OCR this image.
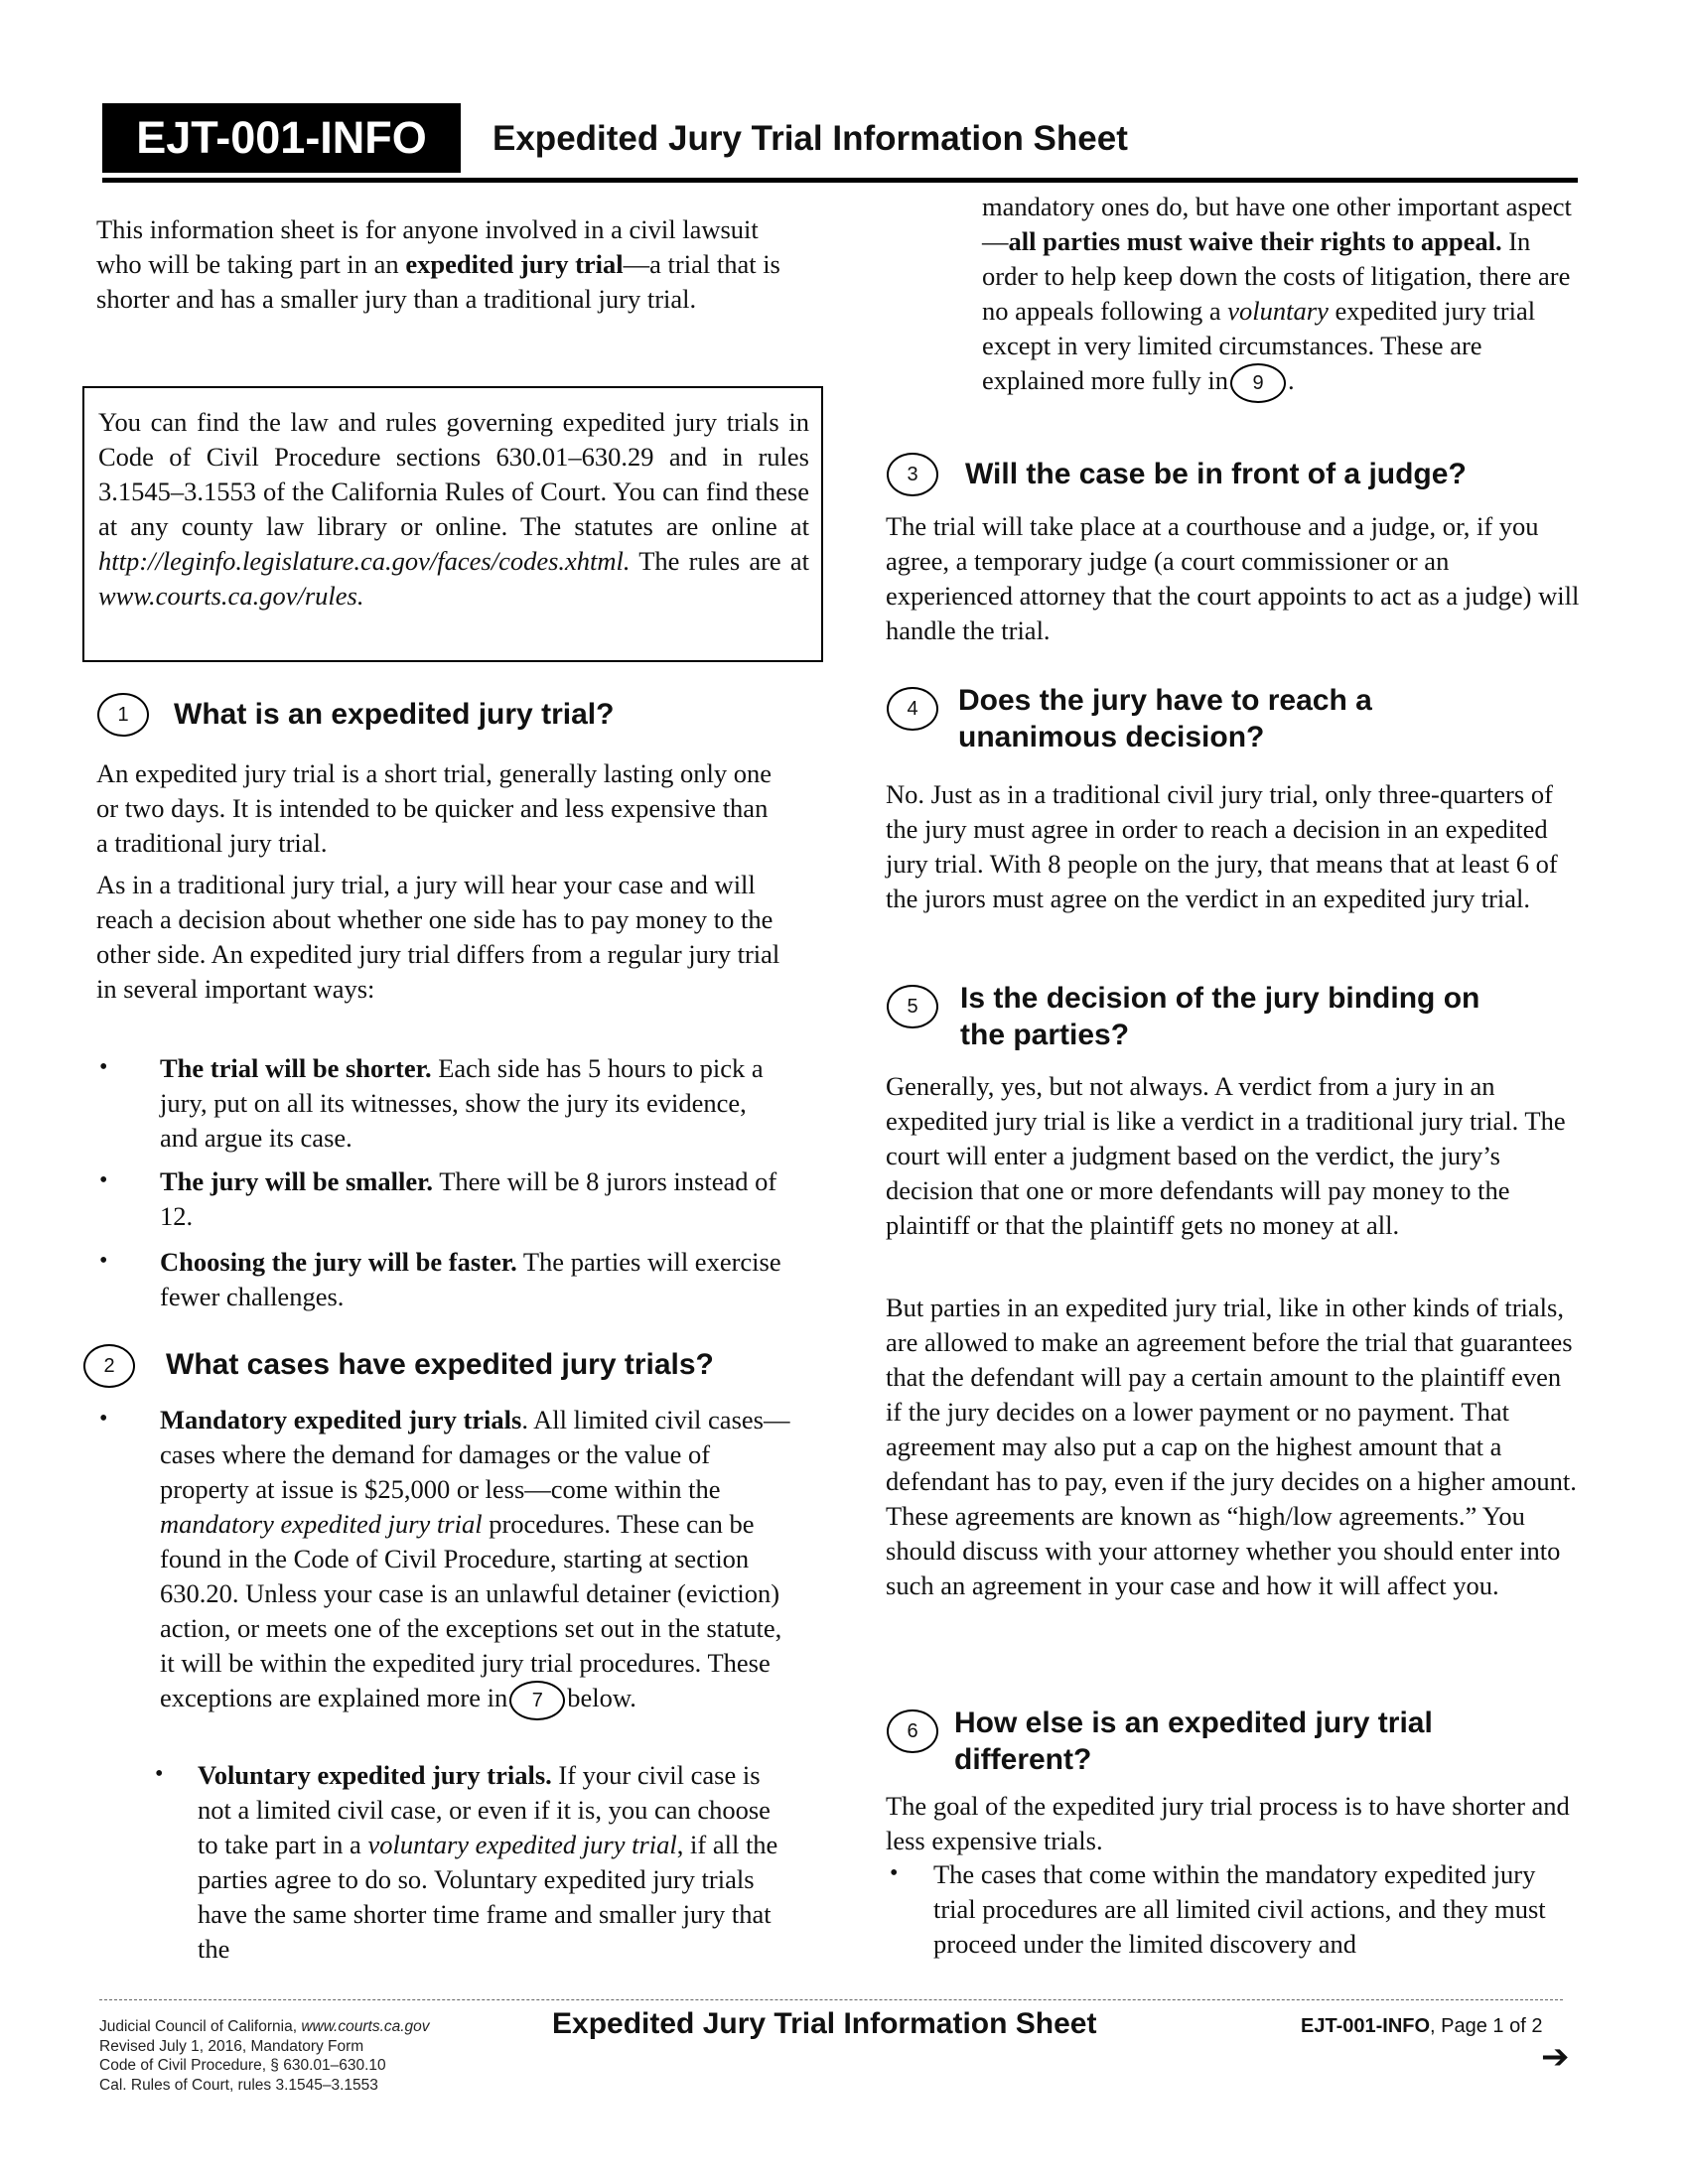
EJT-001-INFO	Expedited Jury Trial Information Sheet
This information sheet is for anyone involved in a civil lawsuit who will be taking part in an expedited jury trial—a trial that is shorter and has a smaller jury than a traditional jury trial.
You can find the law and rules governing expedited jury trials in Code of Civil Procedure sections 630.01–630.29 and in rules 3.1545–3.1553 of the California Rules of Court. You can find these at any county law library or online. The statutes are online at http://leginfo.legislature.ca.gov/faces/codes.xhtml. The rules are at www.courts.ca.gov/rules.
1	What is an expedited jury trial?
An expedited jury trial is a short trial, generally lasting only one or two days. It is intended to be quicker and less expensive than a traditional jury trial.
As in a traditional jury trial, a jury will hear your case and will reach a decision about whether one side has to pay money to the other side. An expedited jury trial differs from a regular jury trial in several important ways:
• The trial will be shorter. Each side has 5 hours to pick a jury, put on all its witnesses, show the jury its evidence, and argue its case.
• The jury will be smaller. There will be 8 jurors instead of 12.
• Choosing the jury will be faster. The parties will exercise fewer challenges.
2	What cases have expedited jury trials?
• Mandatory expedited jury trials. All limited civil cases—cases where the demand for damages or the value of property at issue is $25,000 or less—come within the mandatory expedited jury trial procedures. These can be found in the Code of Civil Procedure, starting at section 630.20. Unless your case is an unlawful detainer (eviction) action, or meets one of the exceptions set out in the statute, it will be within the expedited jury trial procedures. These exceptions are explained more in 7 below.
• Voluntary expedited jury trials. If your civil case is not a limited civil case, or even if it is, you can choose to take part in a voluntary expedited jury trial, if all the parties agree to do so. Voluntary expedited jury trials have the same shorter time frame and smaller jury that the
mandatory ones do, but have one other important aspect—all parties must waive their rights to appeal. In order to help keep down the costs of litigation, there are no appeals following a voluntary expedited jury trial except in very limited circumstances. These are explained more fully in 9 .
3	Will the case be in front of a judge?
The trial will take place at a courthouse and a judge, or, if you agree, a temporary judge (a court commissioner or an experienced attorney that the court appoints to act as a judge) will handle the trial.
4	Does the jury have to reach a unanimous decision?
No. Just as in a traditional civil jury trial, only three-quarters of the jury must agree in order to reach a decision in an expedited jury trial. With 8 people on the jury, that means that at least 6 of the jurors must agree on the verdict in an expedited jury trial.
5	Is the decision of the jury binding on the parties?
Generally, yes, but not always. A verdict from a jury in an expedited jury trial is like a verdict in a traditional jury trial. The court will enter a judgment based on the verdict, the jury’s decision that one or more defendants will pay money to the plaintiff or that the plaintiff gets no money at all.
But parties in an expedited jury trial, like in other kinds of trials, are allowed to make an agreement before the trial that guarantees that the defendant will pay a certain amount to the plaintiff even if the jury decides on a lower payment or no payment. That agreement may also put a cap on the highest amount that a defendant has to pay, even if the jury decides on a higher amount. These agreements are known as “high/low agreements.” You should discuss with your attorney whether you should enter into such an agreement in your case and how it will affect you.
6	How else is an expedited jury trial different?
The goal of the expedited jury trial process is to have shorter and less expensive trials.
• The cases that come within the mandatory expedited jury trial procedures are all limited civil actions, and they must proceed under the limited discovery and
Judicial Council of California, www.courts.ca.gov
Revised July 1, 2016, Mandatory Form
Code of Civil Procedure, § 630.01–630.10
Cal. Rules of Court, rules 3.1545–3.1553
Expedited Jury Trial Information Sheet	EJT-001-INFO, Page 1 of 2
➔
